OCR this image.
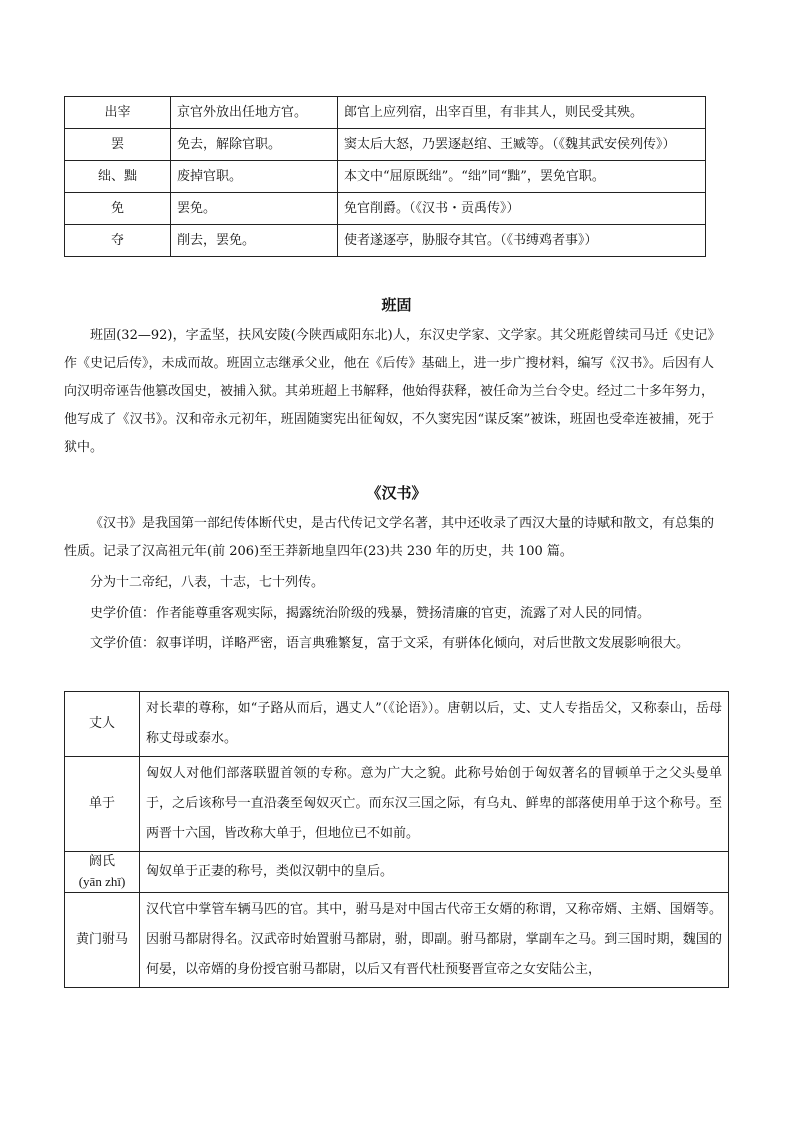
出宰	京官外放出任地方官。	郎官上应列宿，出宰百里，有非其人，则民受其殃。
罢	免去，解除官职。	窦太后大怒，乃罢逐赵绾、王臧等。（《魏其武安侯列传》）
绌、黜	废掉官职。	本文中“屈原既绌”。“绌”同“黜”，罢免官职。
免	罢免。	免官削爵。（《汉书・贡禹传》）
夺	削去，罢免。	使者遂逐亭，胁服夺其官。（《书缚鸡者事》）
班固

班固(32—92)，字孟坚，扶风安陵(今陕西咸阳东北)人，东汉史学家、文学家。其父班彪曾续司马迁《史记》作《史记后传》，未成而故。班固立志继承父业，他在《后传》基础上，进一步广搜材料，编写《汉书》。后因有人向汉明帝诬告他篡改国史，被捕入狱。其弟班超上书解释，他始得获释，被任命为兰台令史。经过二十多年努力，他写成了《汉书》。汉和帝永元初年，班固随窦宪出征匈奴，不久窦宪因“谋反案”被诛，班固也受牵连被捕，死于狱中。

《汉书》

《汉书》是我国第一部纪传体断代史，是古代传记文学名著，其中还收录了西汉大量的诗赋和散文，有总集的性质。记录了汉高祖元年(前 206)至王莽新地皇四年(23)共 230 年的历史，共 100 篇。

分为十二帝纪，八表，十志，七十列传。

史学价值：作者能尊重客观实际，揭露统治阶级的残暴，赞扬清廉的官吏，流露了对人民的同情。
文学价值：叙事详明，详略严密，语言典雅繁复，富于文采，有骈体化倾向，对后世散文发展影响很大。
丈人	对长辈的尊称，如“子路从而后，遇丈人”（《论语》）。唐朝以后，丈、丈人专指岳父，又称泰山，岳母称丈母或泰水。
单于	匈奴人对他们部落联盟首领的专称。意为广大之貌。此称号始创于匈奴著名的冒顿单于之父头曼单于，之后该称号一直沿袭至匈奴灭亡。而东汉三国之际，有乌丸、鲜卑的部落使用单于这个称号。至两晋十六国，皆改称大单于，但地位已不如前。

阏氏
(yān zhī)	匈奴单于正妻的称号，类似汉朝中的皇后。
黄门驸马	汉代官中掌管车辆马匹的官。其中，驸马是对中国古代帝王女婿的称谓，又称帝婿、主婿、国婿等。因驸马都尉得名。汉武帝时始置驸马都尉，驸，即副。驸马都尉，掌副车之马。到三国时期，魏国的何晏，以帝婿的身份授官驸马都尉，以后又有晋代杜预娶晋宣帝之女安陆公主，
